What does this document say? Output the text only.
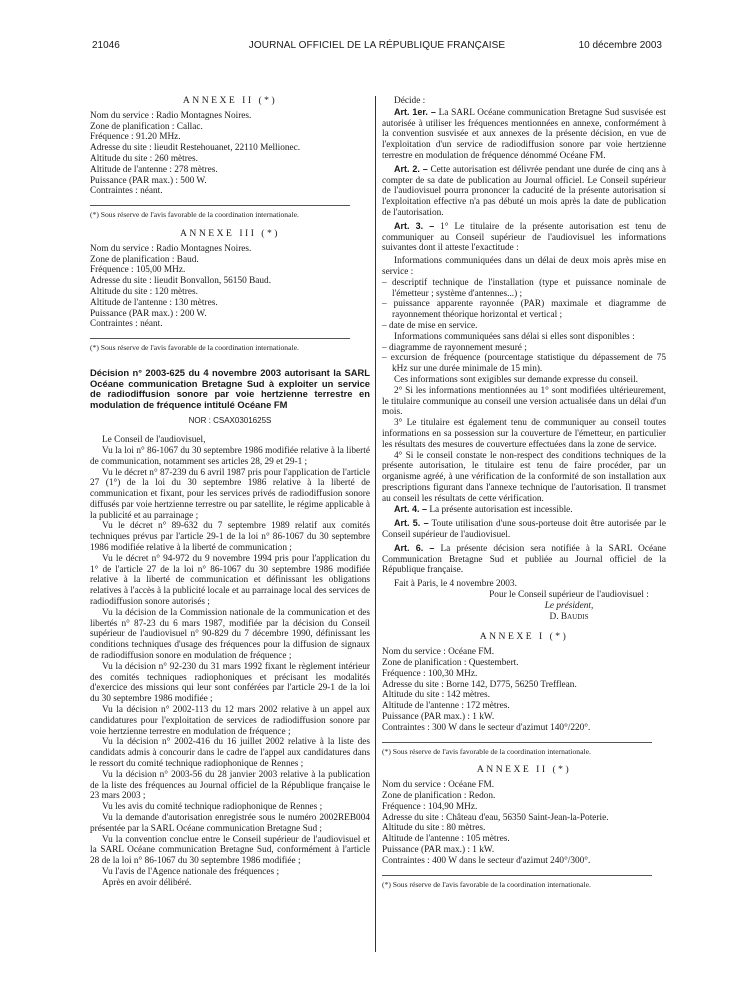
21046	JOURNAL OFFICIEL DE LA RÉPUBLIQUE FRANÇAISE	10 décembre 2003
ANNEXE II (*)
Nom du service : Radio Montagnes Noires.
Zone de planification : Callac.
Fréquence : 91.20 MHz.
Adresse du site : lieudit Restehouanet, 22110 Mellionec.
Altitude du site : 260 mètres.
Altitude de l'antenne : 278 mètres.
Puissance (PAR max.) : 500 W.
Contraintes : néant.
(*) Sous réserve de l'avis favorable de la coordination internationale.
ANNEXE III (*)
Nom du service : Radio Montagnes Noires.
Zone de planification : Baud.
Fréquence : 105,00 MHz.
Adresse du site : lieudit Bonvallon, 56150 Baud.
Altitude du site : 120 mètres.
Altitude de l'antenne : 130 mètres.
Puissance (PAR max.) : 200 W.
Contraintes : néant.
(*) Sous réserve de l'avis favorable de la coordination internationale.
Décision n° 2003-625 du 4 novembre 2003 autorisant la SARL Océane communication Bretagne Sud à exploiter un service de radiodiffusion sonore par voie hertzienne terrestre en modulation de fréquence intitulé Océane FM
NOR : CSAX0301625S

Le Conseil de l'audiovisuel,

Vu la loi n° 86-1067 du 30 septembre 1986 modifiée relative à la liberté de communication, notamment ses articles 28, 29 et 29-1 ;

Vu le décret n° 87-239 du 6 avril 1987 pris pour l'application de l'article 27 (1°) de la loi du 30 septembre 1986 relative à la liberté de communication et fixant, pour les services privés de radiodiffusion sonore diffusés par voie hertzienne terrestre ou par satellite, le régime applicable à la publicité et au parrainage ;

Vu le décret n° 89-632 du 7 septembre 1989 relatif aux comités techniques prévus par l'article 29-1 de la loi n° 86-1067 du 30 septembre 1986 modifiée relative à la liberté de communication ;

Vu le décret n° 94-972 du 9 novembre 1994 pris pour l'application du 1° de l'article 27 de la loi n° 86-1067 du 30 septembre 1986 modifiée relative à la liberté de communication et définissant les obligations relatives à l'accès à la publicité locale et au parrainage local des services de radiodiffusion sonore autorisés ;

Vu la décision de la Commission nationale de la communication et des libertés n° 87-23 du 6 mars 1987, modifiée par la décision du Conseil supérieur de l'audiovisuel n° 90-829 du 7 décembre 1990, définissant les conditions techniques d'usage des fréquences pour la diffusion de signaux de radiodiffusion sonore en modulation de fréquence ;

Vu la décision n° 92-230 du 31 mars 1992 fixant le règlement intérieur des comités techniques radiophoniques et précisant les modalités d'exercice des missions qui leur sont conférées par l'article 29-1 de la loi du 30 septembre 1986 modifiée ;

Vu la décision n° 2002-113 du 12 mars 2002 relative à un appel aux candidatures pour l'exploitation de services de radiodiffusion sonore par voie hertzienne terrestre en modulation de fréquence ;

Vu la décision n° 2002-416 du 16 juillet 2002 relative à la liste des candidats admis à concourir dans le cadre de l'appel aux candidatures dans le ressort du comité technique radiophonique de Rennes ;

Vu la décision n° 2003-56 du 28 janvier 2003 relative à la publication de la liste des fréquences au Journal officiel de la République française le 23 mars 2003 ;

Vu les avis du comité technique radiophonique de Rennes ;

Vu la demande d'autorisation enregistrée sous le numéro 2002REB004 présentée par la SARL Océane communication Bretagne Sud ;

Vu la convention conclue entre le Conseil supérieur de l'audiovisuel et la SARL Océane communication Bretagne Sud, conformément à l'article 28 de la loi n° 86-1067 du 30 septembre 1986 modifiée ;

Vu l'avis de l'Agence nationale des fréquences ;

Après en avoir délibéré.

Décide :

Art. 1er. – La SARL Océane communication Bretagne Sud susvisée est autorisée à utiliser les fréquences mentionnées en annexe, conformément à la convention susvisée et aux annexes de la présente décision, en vue de l'exploitation d'un service de radiodiffusion sonore par voie hertzienne terrestre en modulation de fréquence dénommé Océane FM.

Art. 2. – Cette autorisation est délivrée pendant une durée de cinq ans à compter de sa date de publication au Journal officiel. Le Conseil supérieur de l'audiovisuel pourra prononcer la caducité de la présente autorisation si l'exploitation effective n'a pas débuté un mois après la date de publication de l'autorisation.

Art. 3. – 1° Le titulaire de la présente autorisation est tenu de communiquer au Conseil supérieur de l'audiovisuel les informations suivantes dont il atteste l'exactitude :

Informations communiquées dans un délai de deux mois après mise en service :

– descriptif technique de l'installation (type et puissance nominale de l'émetteur ; système d'antennes...) ;

– puissance apparente rayonnée (PAR) maximale et diagramme de rayonnement théorique horizontal et vertical ;

– date de mise en service.

Informations communiquées sans délai si elles sont disponibles :

– diagramme de rayonnement mesuré ;

– excursion de fréquence (pourcentage statistique du dépassement de 75 kHz sur une durée minimale de 15 min).

Ces informations sont exigibles sur demande expresse du conseil.

2° Si les informations mentionnées au 1° sont modifiées ultérieurement, le titulaire communique au conseil une version actualisée dans un délai d'un mois.

3° Le titulaire est également tenu de communiquer au conseil toutes informations en sa possession sur la couverture de l'émetteur, en particulier les résultats des mesures de couverture effectuées dans la zone de service.

4° Si le conseil constate le non-respect des conditions techniques de la présente autorisation, le titulaire est tenu de faire procéder, par un organisme agréé, à une vérification de la conformité de son installation aux prescriptions figurant dans l'annexe technique de l'autorisation. Il transmet au conseil les résultats de cette vérification.

Art. 4. – La présente autorisation est incessible.

Art. 5. – Toute utilisation d'une sous-porteuse doit être autorisée par le Conseil supérieur de l'audiovisuel.

Art. 6. – La présente décision sera notifiée à la SARL Océane Communication Bretagne Sud et publiée au Journal officiel de la République française.

Fait à Paris, le 4 novembre 2003.

Pour le Conseil supérieur de l'audiovisuel :

Le président,

D. Baudis

ANNEXE I (*)
Nom du service : Océane FM.
Zone de planification : Questembert.
Fréquence : 100,30 MHz.
Adresse du site : Borne 142, D775, 56250 Trefflean.
Altitude du site : 142 mètres.
Altitude de l'antenne : 172 mètres.
Puissance (PAR max.) : 1 kW.
Contraintes : 300 W dans le secteur d'azimut 140°/220°.
(*) Sous réserve de l'avis favorable de la coordination internationale.
ANNEXE II (*)
Nom du service : Océane FM.
Zone de planification : Redon.
Fréquence : 104,90 MHz.
Adresse du site : Château d'eau, 56350 Saint-Jean-la-Poterie.
Altitude du site : 80 mètres.
Altitude de l'antenne : 105 mètres.
Puissance (PAR max.) : 1 kW.
Contraintes : 400 W dans le secteur d'azimut 240°/300°.
(*) Sous réserve de l'avis favorable de la coordination internationale.
